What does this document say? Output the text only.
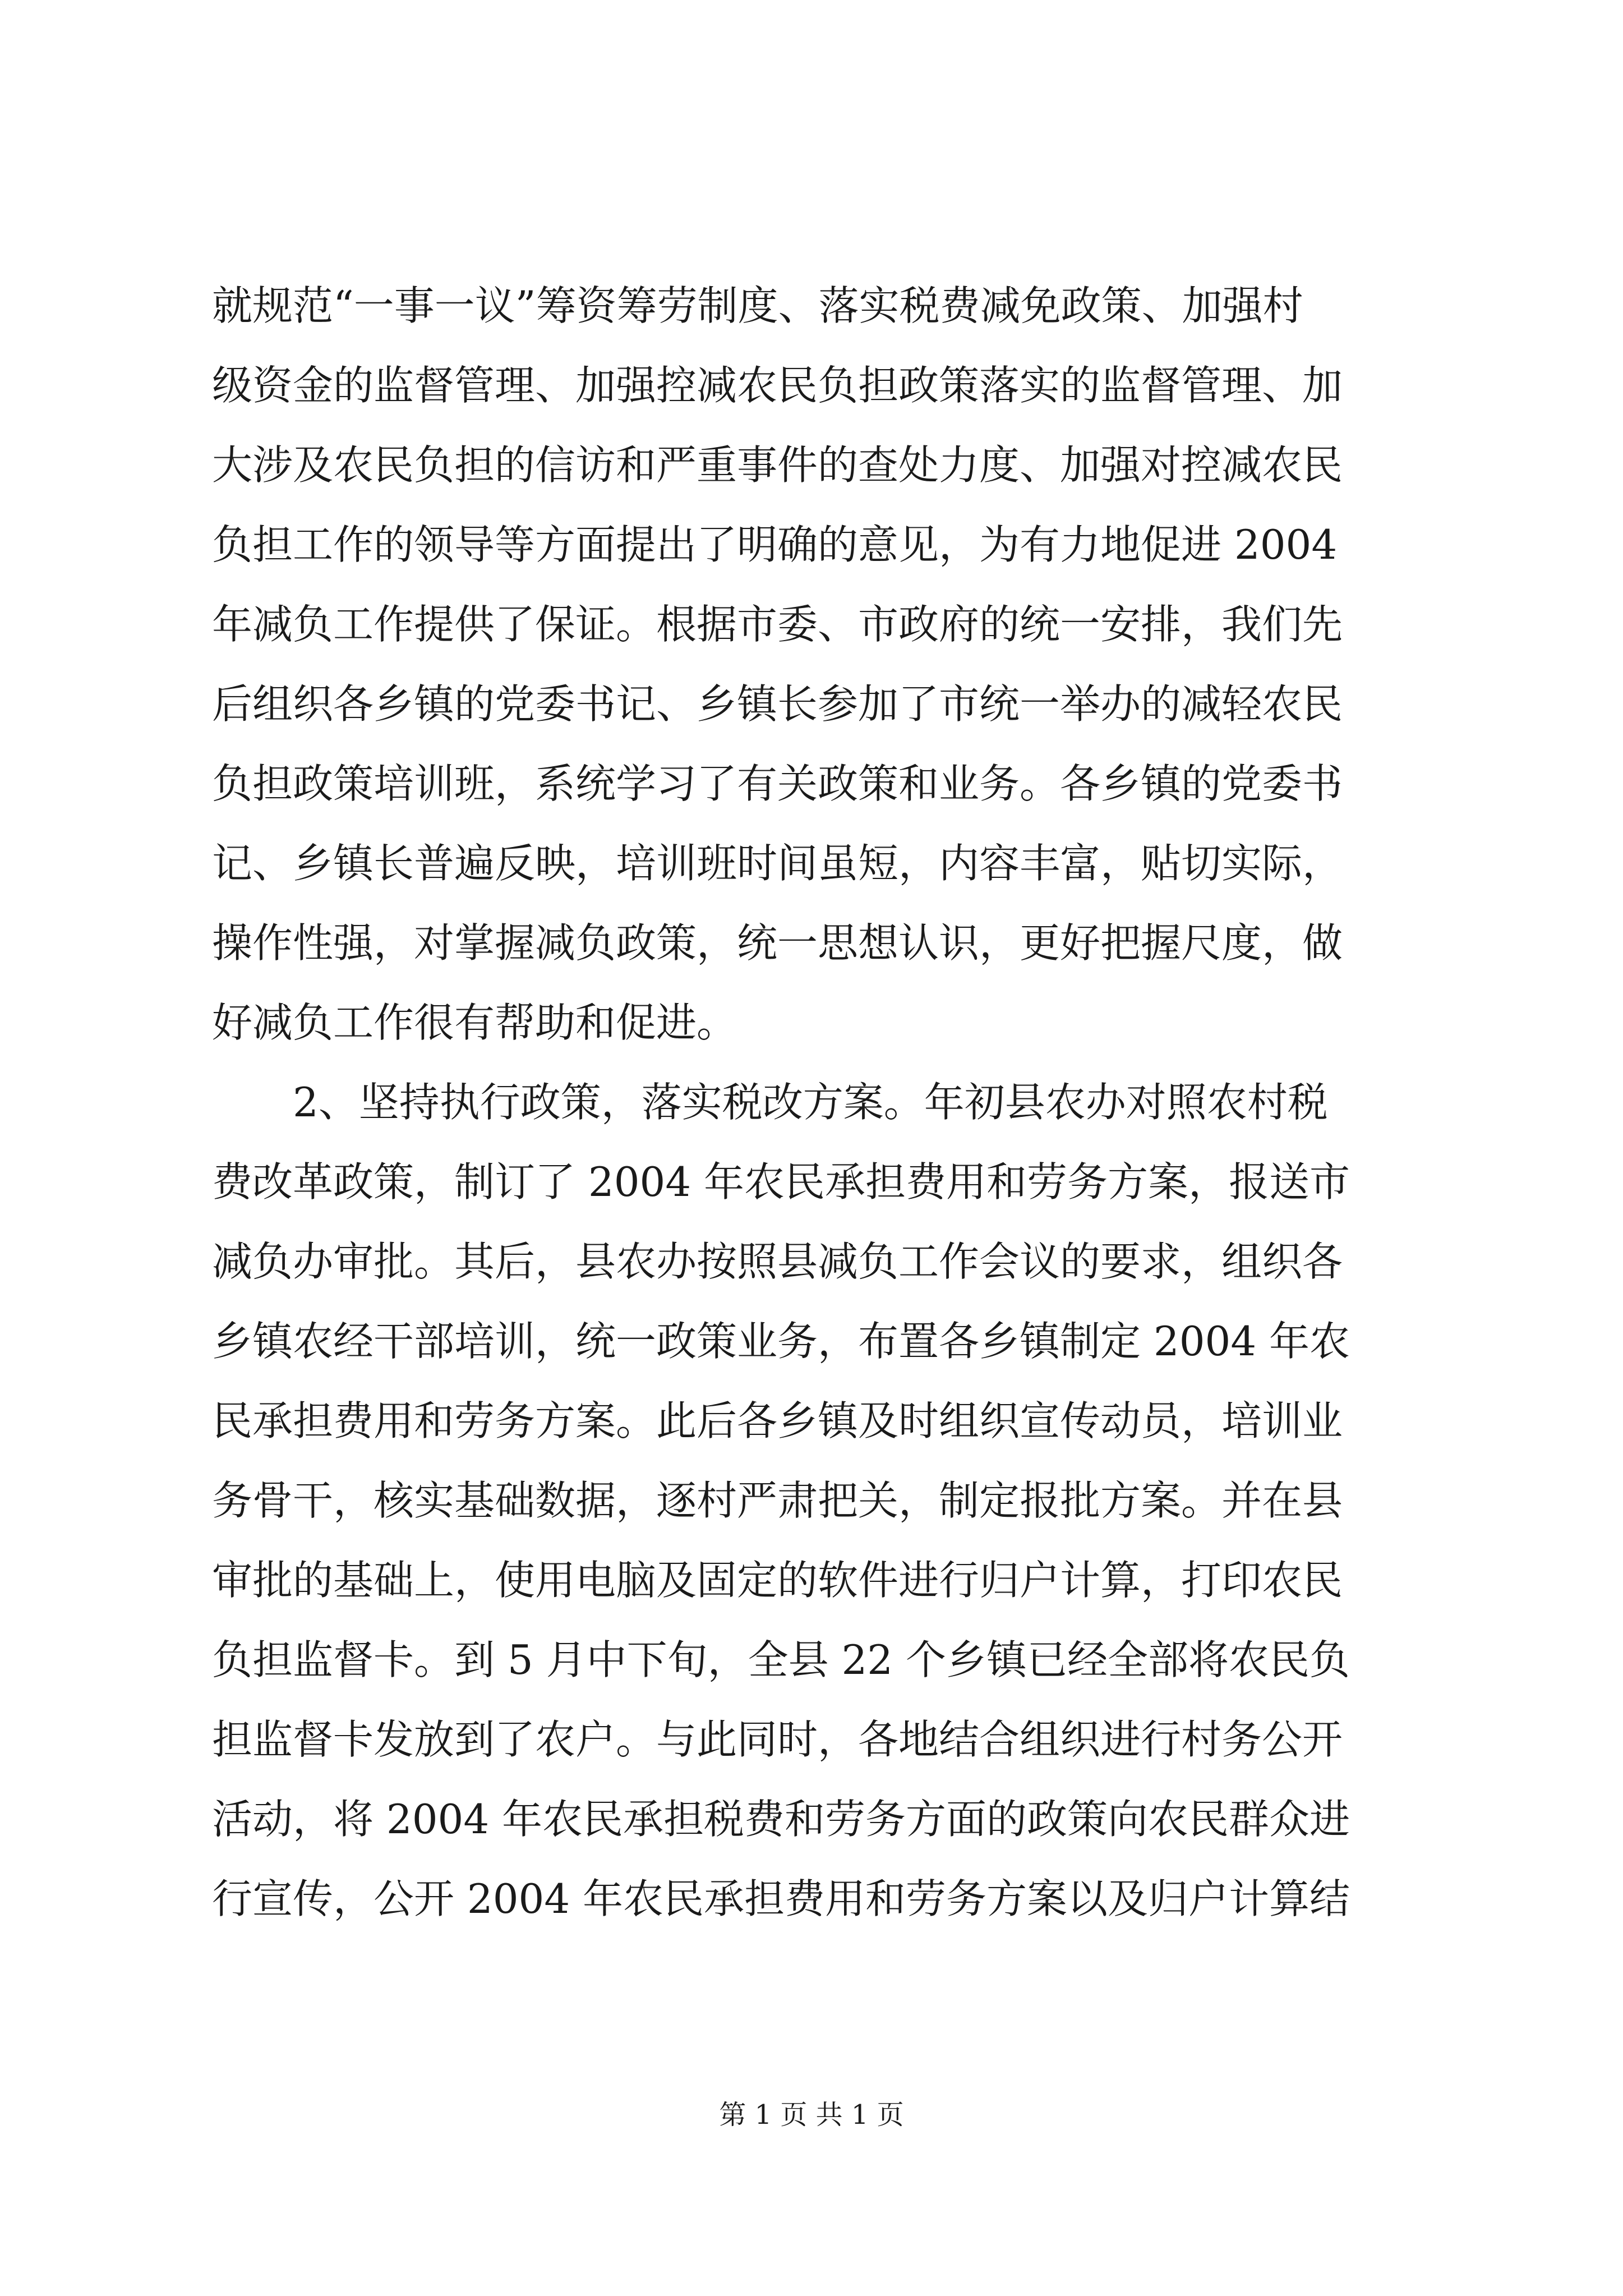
就规范“一事一议”筹资筹劳制度、落实税费减免政策、加强村
级资金的监督管理、加强控减农民负担政策落实的监督管理、加
大涉及农民负担的信访和严重事件的查处力度、加强对控减农民
负担工作的领导等方面提出了明确的意见，为有力地促进 2004
年减负工作提供了保证。根据市委、市政府的统一安排，我们先
后组织各乡镇的党委书记、乡镇长参加了市统一举办的减轻农民
负担政策培训班，系统学习了有关政策和业务。各乡镇的党委书
记、乡镇长普遍反映，培训班时间虽短，内容丰富，贴切实际，
操作性强，对掌握减负政策，统一思想认识，更好把握尺度，做
好减负工作很有帮助和促进。
　　2、坚持执行政策，落实税改方案。年初县农办对照农村税
费改革政策，制订了 2004 年农民承担费用和劳务方案，报送市
减负办审批。其后，县农办按照县减负工作会议的要求，组织各
乡镇农经干部培训，统一政策业务，布置各乡镇制定 2004 年农
民承担费用和劳务方案。此后各乡镇及时组织宣传动员，培训业
务骨干，核实基础数据，逐村严肃把关，制定报批方案。并在县
审批的基础上，使用电脑及固定的软件进行归户计算，打印农民
负担监督卡。到 5 月中下旬，全县 22 个乡镇已经全部将农民负
担监督卡发放到了农户。与此同时，各地结合组织进行村务公开
活动，将 2004 年农民承担税费和劳务方面的政策向农民群众进
行宣传，公开 2004 年农民承担费用和劳务方案以及归户计算结
第 1 页 共 1 页
